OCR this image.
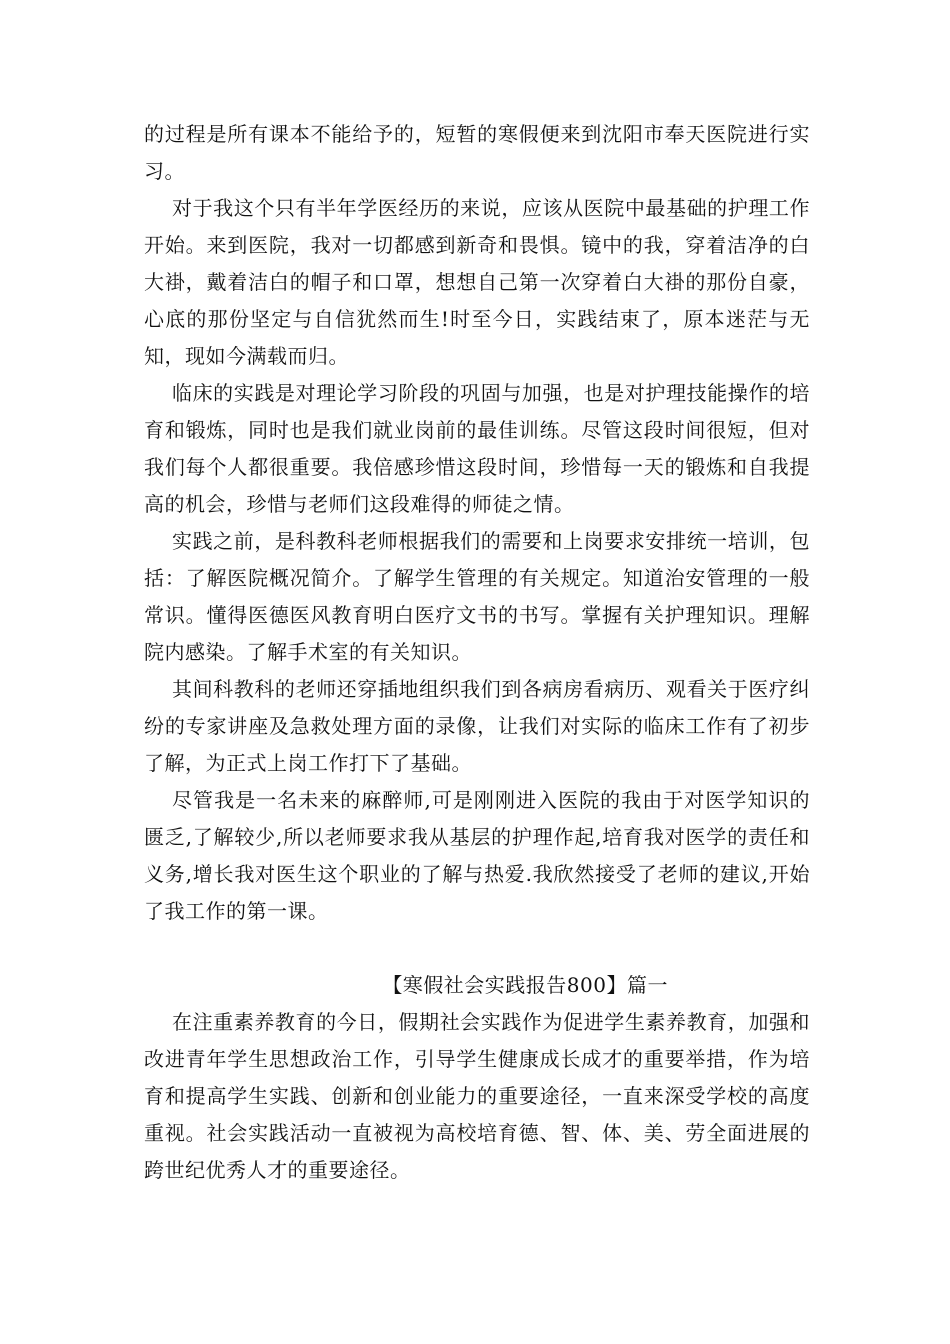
的过程是所有课本不能给予的，短暂的寒假便来到沈阳市奉天医院进行实习。

对于我这个只有半年学医经历的来说，应该从医院中最基础的护理工作开始。来到医院，我对一切都感到新奇和畏惧。镜中的我，穿着洁净的白大褂，戴着洁白的帽子和口罩，想想自己第一次穿着白大褂的那份自豪，心底的那份坚定与自信犹然而生!时至今日，实践结束了，原本迷茫与无知，现如今满载而归。

临床的实践是对理论学习阶段的巩固与加强，也是对护理技能操作的培育和锻炼，同时也是我们就业岗前的最佳训练。尽管这段时间很短，但对我们每个人都很重要。我倍感珍惜这段时间，珍惜每一天的锻炼和自我提高的机会，珍惜与老师们这段难得的师徒之情。

实践之前，是科教科老师根据我们的需要和上岗要求安排统一培训，包括：了解医院概况简介。了解学生管理的有关规定。知道治安管理的一般常识。懂得医德医风教育明白医疗文书的书写。掌握有关护理知识。理解院内感染。了解手术室的有关知识。

其间科教科的老师还穿插地组织我们到各病房看病历、观看关于医疗纠纷的专家讲座及急救处理方面的录像，让我们对实际的临床工作有了初步了解，为正式上岗工作打下了基础。

尽管我是一名未来的麻醉师,可是刚刚进入医院的我由于对医学知识的匮乏,了解较少,所以老师要求我从基层的护理作起,培育我对医学的责任和义务,增长我对医生这个职业的了解与热爱.我欣然接受了老师的建议,开始了我工作的第一课。

【寒假社会实践报告800】篇一

在注重素养教育的今日，假期社会实践作为促进学生素养教育，加强和改进青年学生思想政治工作，引导学生健康成长成才的重要举措，作为培育和提高学生实践、创新和创业能力的重要途径，一直来深受学校的高度重视。社会实践活动一直被视为高校培育德、智、体、美、劳全面进展的跨世纪优秀人才的重要途径。
